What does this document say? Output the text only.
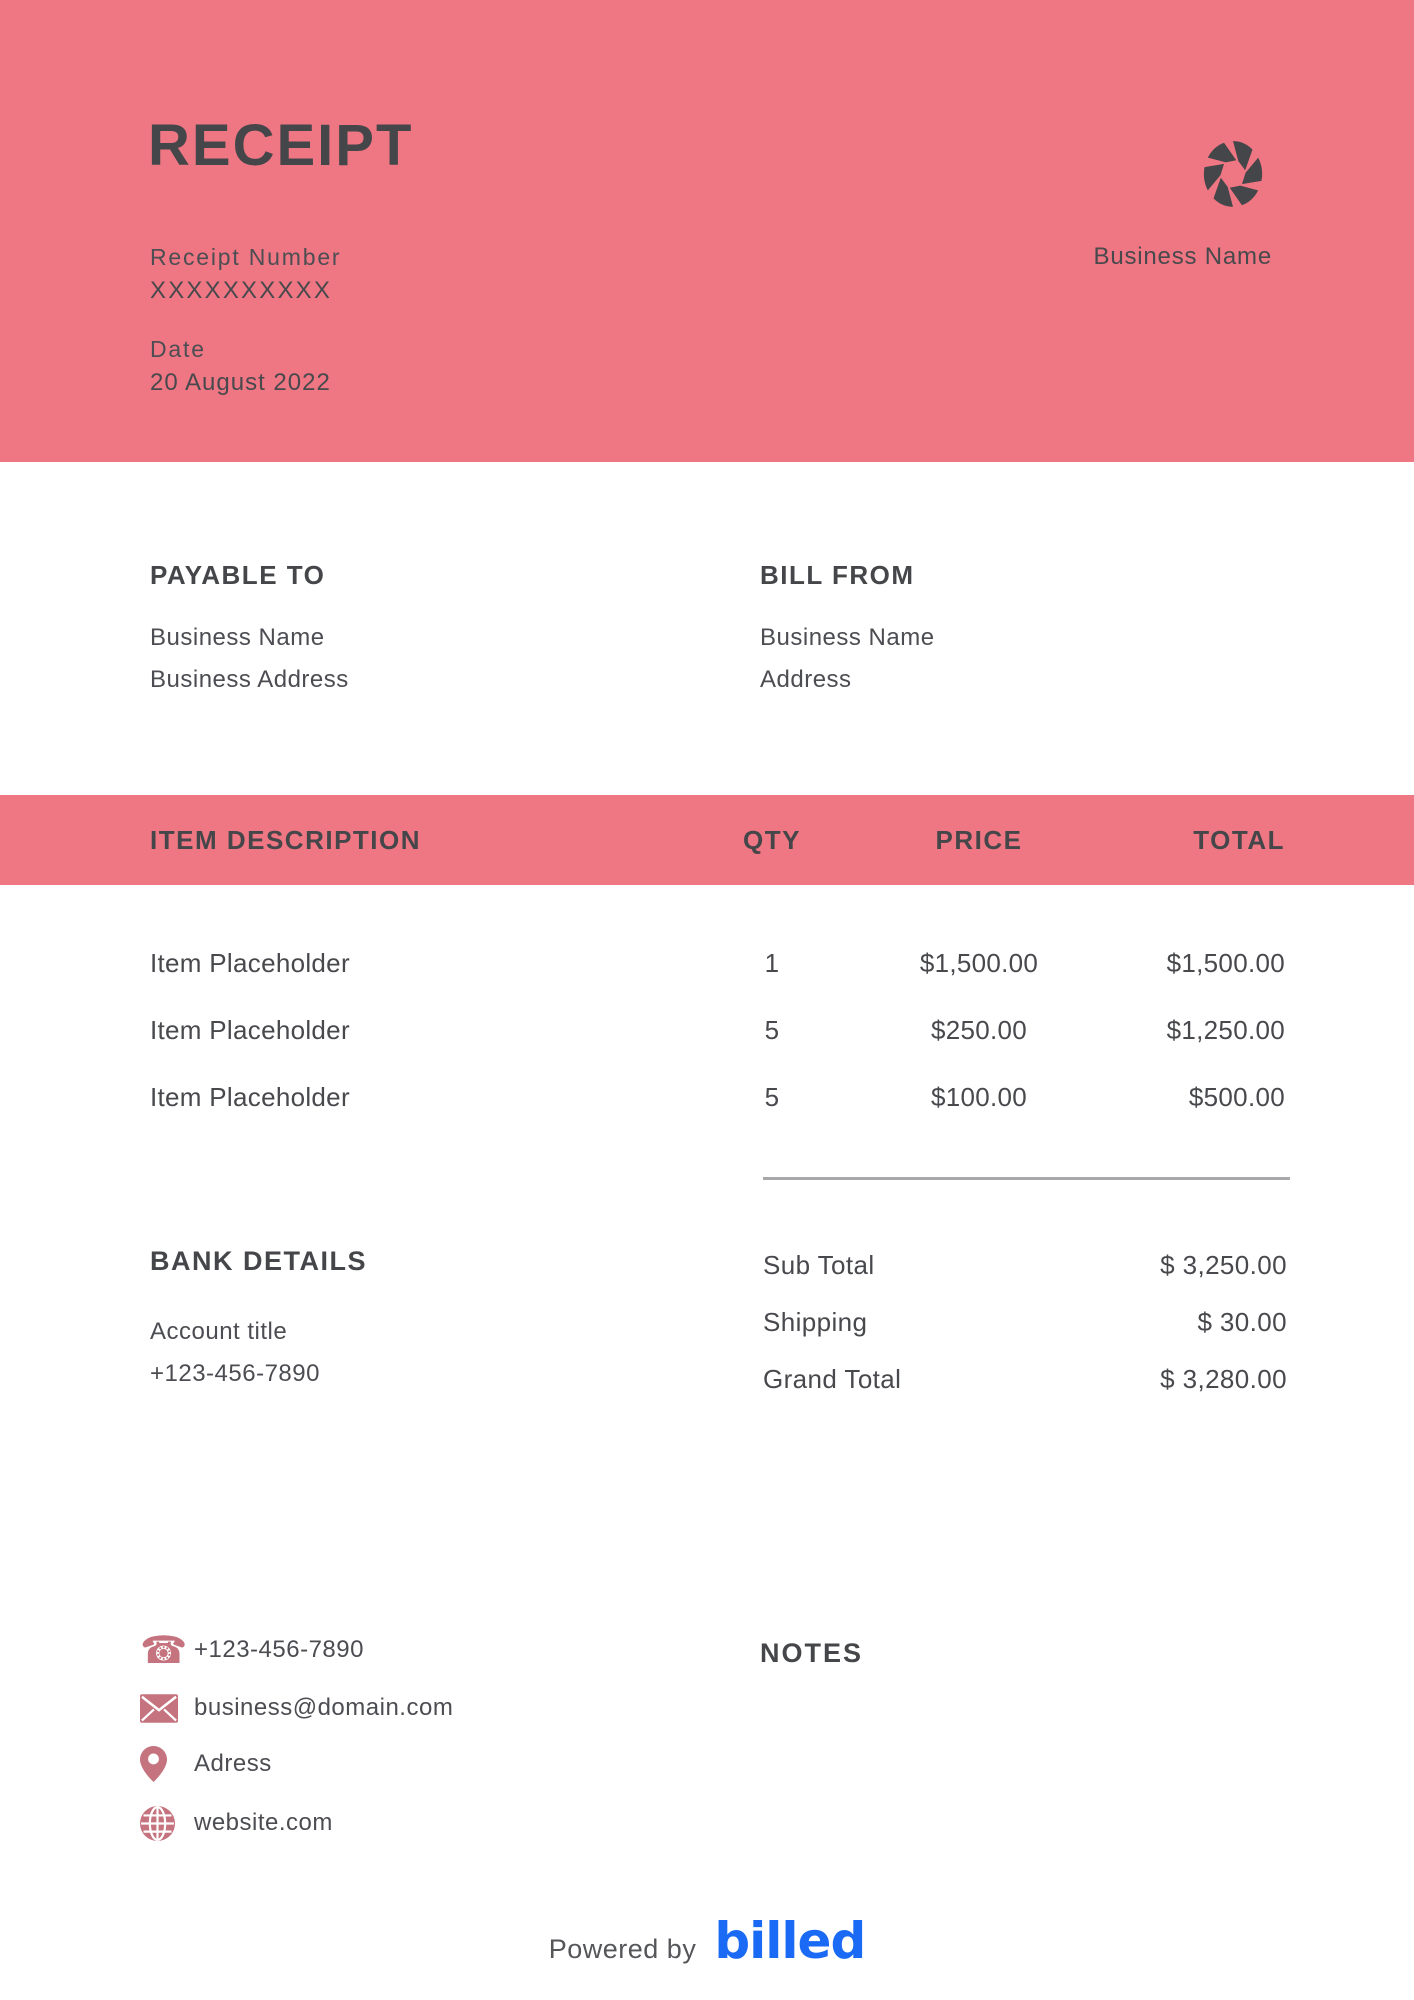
RECEIPT
Receipt Number
XXXXXXXXXX
Date
20 August 2022
Business Name
PAYABLE TO
Business Name
Business Address
BILL FROM
Business Name
Address
ITEM DESCRIPTION	QTY	PRICE	TOTAL
Item Placeholder	1	$1,500.00	$1,500.00
Item Placeholder	5	$250.00	$1,250.00
Item Placeholder	5	$100.00	$500.00
BANK DETAILS
Account title
+123-456-7890
Sub Total	$ 3,250.00
Shipping	$ 30.00
Grand Total	$ 3,280.00
☎ +123-456-7890
business@domain.com
Adress
website.com
NOTES
Powered by billed
